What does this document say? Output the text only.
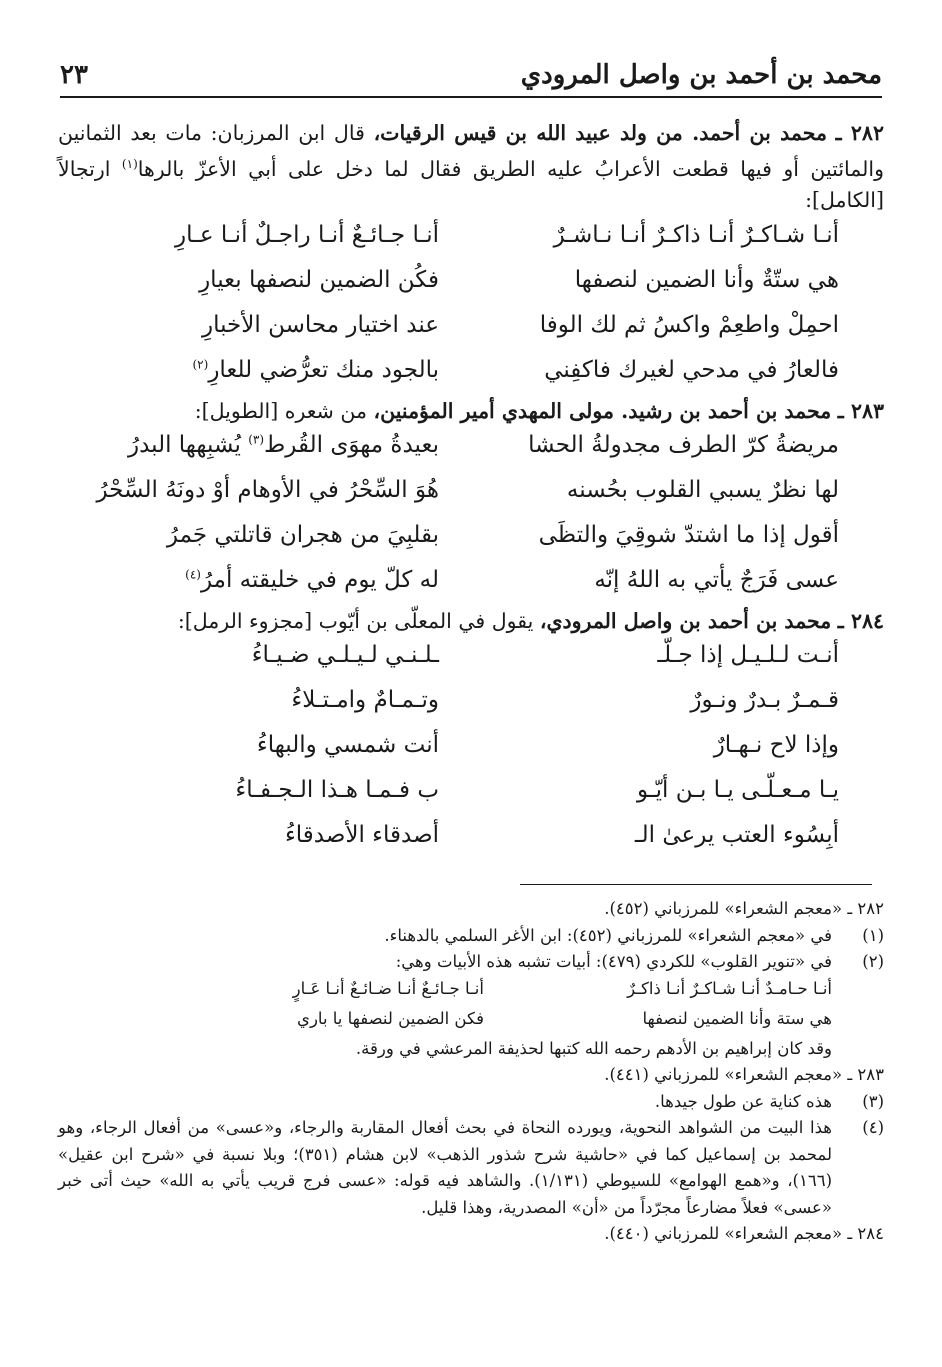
محمد بن أحمد بن واصل المرودي
٢٣

٢٨٢ ـ محمد بن أحمد. من ولد عبيد الله بن قيس الرقيات، قال ابن المرزبان: مات بعد الثمانين والمائتين أو فيها قطعت الأعرابُ عليه الطريق فقال لما دخل على أبي الأعزّ بالرها$^{(١)}$ ارتجالاً [الكامل]:

أنـا شـاكـرٌ أنـا ذاكـرٌ أنـا نـاشـرٌ
أنـا جـائـعٌ أنـا راجـلٌ أنـا عـارِ
هي ستّةٌ وأنا الضمين لنصفها
فكُن الضمين لنصفها بعيارِ
احمِلْ واطعِمْ واكسُ ثم لك الوفا
عند اختيار محاسن الأخبارِ
فالعارُ في مدحي لغيرك فاكفِني
بالجود منك تعرُّضي للعارِ$^{(٢)}$

٢٨٣ ـ محمد بن أحمد بن رشيد. مولى المهدي أمير المؤمنين، من شعره [الطويل]:

مريضةُ كرّ الطرف مجدولةُ الحشا
بعيدةُ مهوَى القُرط$^{(٣)}$ يُشبِهها البدرُ
لها نظرٌ يسبي القلوب بحُسنه
هُوَ السِّحْرُ في الأوهام أوْ دونَهُ السِّحْرُ
أقول إذا ما اشتدّ شوقِيَ والتظَى
بقلبِيَ من هجران قاتلتي جَمرُ
عسى فَرَجٌ يأتي به اللهُ إنّه
له كلّ يوم في خليقته أمرُ$^{(٤)}$

٢٨٤ ـ محمد بن أحمد بن واصل المرودي، يقول في المعلّى بن أيّوب [مجزوء الرمل]:

أنـت لـلـيـل إذا جـلّـ
ـلـنـي لـيـلـي ضـيـاءُ
قـمـرٌ بـدرٌ ونـورٌ
وتـمـامٌ وامـتـلاءُ
وإذا لاح نـهـارٌ
أنت شمسي والبهاءُ
يـا مـعـلّـى يـا بـن أيّـو
ب فـمـا هـذا الـجـفـاءُ
أبِسُوء العتب يرعىٰ الـ
أصدقاء الأصدقاءُ

٢٨٢ ـ «معجم الشعراء» للمرزباني (٤٥٢).

(١)
في «معجم الشعراء» للمرزباني (٤٥٢): ابن الأغر السلمي بالدهناء.
(٢)
في «تنوير القلوب» للكردي (٤٧٩): أبيات تشبه هذه الأبيات وهي:
أنـا حـامـدٌ أنـا شـاكـرٌ أنـا ذاكـرٌ
أنـا جـائـعٌ أنـا ضـائـعٌ أنـا عَـارٍ
هي ستة وأنا الضمين لنصفها
فكن الضمين لنصفها يا باري

وقد كان إبراهيم بن الأدهم رحمه الله كتبها لحذيفة المرعشي في ورقة.

٢٨٣ ـ «معجم الشعراء» للمرزباني (٤٤١).

(٣)
هذه كناية عن طول جيدها.
(٤)
هذا البيت من الشواهد النحوية، ويورده النحاة في بحث أفعال المقاربة والرجاء، و«عسى» من أفعال الرجاء، وهو لمحمد بن إسماعيل كما في «حاشية شرح شذور الذهب» لابن هشام (٣٥١)؛ وبلا نسبة في «شرح ابن عقيل» (١٦٦)، و«همع الهوامع» للسيوطي (١/١٣١). والشاهد فيه قوله: «عسى فرج قريب يأتي به الله» حيث أتى خبر «عسى» فعلاً مضارعاً مجرّداً من «أن» المصدرية، وهذا قليل.

٢٨٤ ـ «معجم الشعراء» للمرزباني (٤٤٠).
